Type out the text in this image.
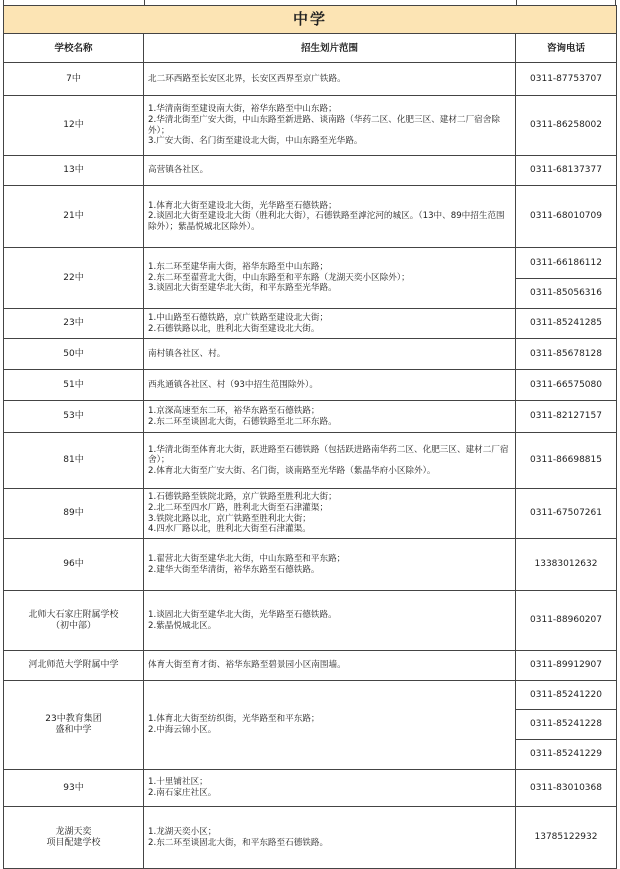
中学		
学校名称	招生划片范围	咨询电话

7中	北二环西路至长安区北界，长安区西界至京广铁路。	0311-87753707

12中	1.华清南街至建设南大街，裕华东路至中山东路；
2.华清北街至广安大街，中山东路至新进路、谈南路（华药二区、化肥三区、建材二厂宿舍除外）；
3.广安大街、名门街至建设北大街，中山东路至光华路。	0311-86258002

13中	高营镇各社区。	0311-68137377

21中	1.体育北大街至建设北大街，光华路至石德铁路；
2.谈固北大街至建设北大街（胜利北大街），石德铁路至滹沱河的城区。（13中、89中招生范围除外）；紫晶悦城北区除外）。	0311-68010709

22中	1.东二环至建华南大街，裕华东路至中山东路；
2.东二环至翟营北大街，中山东路至和平东路（龙湖天奕小区除外）；
3.谈固北大街至建华北大街，和平东路至光华路。	0311-66186112
		0311-85056316

23中	1.中山路至石德铁路，京广铁路至建设北大街；
2.石德铁路以北，胜利北大街至建设北大街。	0311-85241285

50中	南村镇各社区、村。	0311-85678128

51中	西兆通镇各社区、村（93中招生范围除外）。	0311-66575080

53中	1.京深高速至东二环，裕华东路至石德铁路；
2.东二环至谈固北大街，石德铁路至北二环东路。	0311-82127157

81中	1.华清北街至体育北大街，跃进路至石德铁路（包括跃进路南华药二区、化肥三区、建材二厂宿舍）；
2.体育北大街至广安大街、名门街，谈南路至光华路（紫晶华府小区除外）。	0311-86698815

89中	1.石德铁路至铁院北路，京广铁路至胜利北大街；
2.北二环至四水厂路，胜利北大街至石津灌渠；
3.铁院北路以北，京广铁路至胜利北大街；
4.四水厂路以北，胜利北大街至石津灌渠。	0311-67507261

96中	1.翟营北大街至建华北大街，中山东路至和平东路；
2.建华大街至华清街，裕华东路至石德铁路。	13383012632

北师大石家庄附属学校
（初中部）	1.谈固北大街至建华北大街，光华路至石德铁路。
2.紫晶悦城北区。	0311-88960207

河北师范大学附属中学	体育大街至育才街、裕华东路至碧景园小区南围墙。	0311-89912907

23中教育集团
盛和中学	1.体育北大街至纺织街，光华路至和平东路；
2.中海云锦小区。	0311-85241220
		0311-85241228
		0311-85241229

93中	1.十里铺社区；
2.南石家庄社区。	0311-83010368

龙湖天奕
项目配建学校	1.龙湖天奕小区；
2.东二环至谈固北大街，和平东路至石德铁路。	13785122932
